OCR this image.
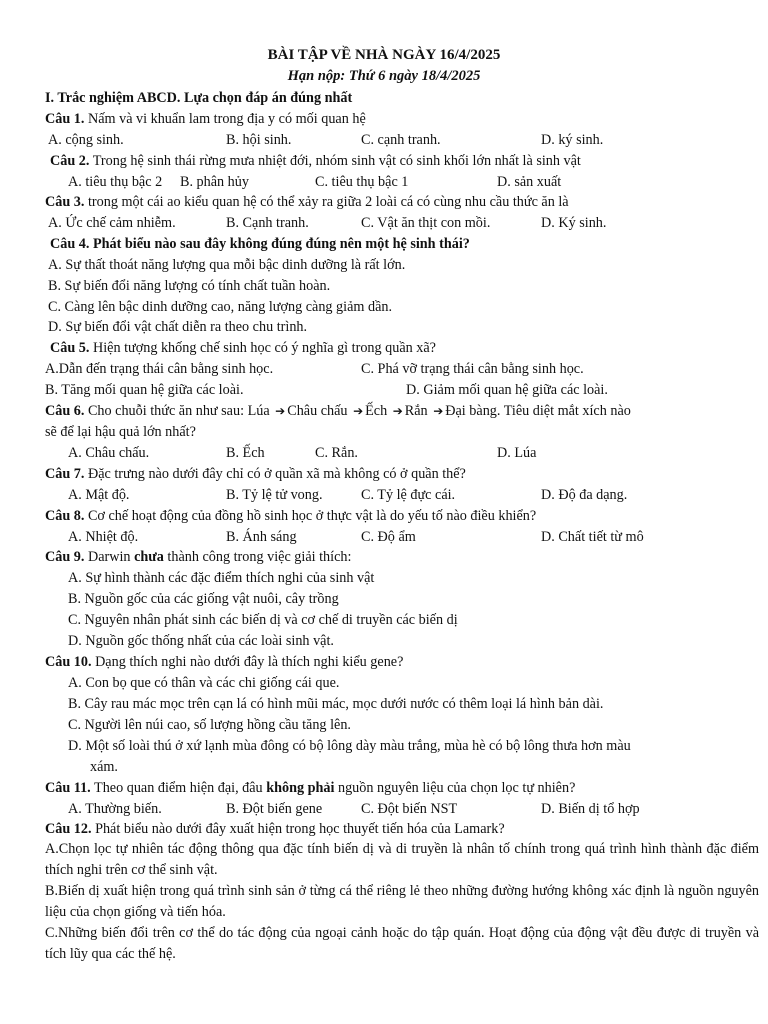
BÀI TẬP VỀ NHÀ NGÀY 16/4/2025
Hạn nộp: Thứ 6 ngày 18/4/2025
I. Trắc nghiệm ABCD. Lựa chọn đáp án đúng nhất
Câu 1. Nấm và vi khuẩn lam trong địa y có mối quan hệ
A. cộng sinh.	B. hội sinh.	C. cạnh tranh.	D. ký sinh.
Câu 2. Trong hệ sinh thái rừng mưa nhiệt đới, nhóm sinh vật có sinh khối lớn nhất là sinh vật
A. tiêu thụ bậc 2 B. phân hủy	C. tiêu thụ bậc 1	D. sản xuất
Câu 3. trong một cái ao kiểu quan hệ có thể xảy ra giữa 2 loài cá có cùng nhu cầu thức ăn là
A. Ức chế cảm nhiễm.	B. Cạnh tranh.	C. Vật ăn thịt con mồi.	D. Ký sinh.
Câu 4. Phát biểu nào sau đây không đúng đúng nên một hệ sinh thái?
A. Sự thất thoát năng lượng qua mỗi bậc dinh dưỡng là rất lớn.
B. Sự biến đổi năng lượng có tính chất tuần hoàn.
C. Càng lên bậc dinh dưỡng cao, năng lượng càng giảm dần.
D. Sự biến đổi vật chất diễn ra theo chu trình.
Câu 5. Hiện tượng khống chế sinh học có ý nghĩa gì trong quần xã?
A.Dẫn đến trạng thái cân bằng sinh học.	C. Phá vỡ trạng thái cân bằng sinh học.
B. Tăng mối quan hệ giữa các loài.	D. Giảm mối quan hệ giữa các loài.
Câu 6. Cho chuỗi thức ăn như sau: Lúa ➔ Châu chấu ➔ Ếch ➔ Rắn ➔ Đại bàng. Tiêu diệt mắt xích nào
sẽ để lại hậu quả lớn nhất?
A. Châu chấu.	B. Ếch	C. Rắn.	D. Lúa
Câu 7. Đặc trưng nào dưới đây chỉ có ở quần xã mà không có ở quần thể?
A. Mật độ.	B. Tỷ lệ tử vong.	C. Tỷ lệ đực cái.	D. Độ đa dạng.
Câu 8. Cơ chế hoạt động của đồng hồ sinh học ở thực vật là do yếu tố nào điều khiển?
A. Nhiệt độ.	B. Ánh sáng	C. Độ ẩm	D. Chất tiết từ mô
Câu 9. Darwin chưa thành công trong việc giải thích:
A. Sự hình thành các đặc điểm thích nghi của sinh vật
B. Nguồn gốc của các giống vật nuôi, cây trồng
C. Nguyên nhân phát sinh các biến dị và cơ chế di truyền các biến dị
D. Nguồn gốc thống nhất của các loài sinh vật.
Câu 10. Dạng thích nghi nào dưới đây là thích nghi kiểu gene?
A. Con bọ que có thân và các chi giống cái que.
B. Cây rau mác mọc trên cạn lá có hình mũi mác, mọc dưới nước có thêm loại lá hình bản dài.
C. Người lên núi cao, số lượng hồng cầu tăng lên.
D. Một số loài thú ở xứ lạnh mùa đông có bộ lông dày màu trắng, mùa hè có bộ lông thưa hơn màu
xám.
Câu 11. Theo quan điểm hiện đại, đâu không phải nguồn nguyên liệu của chọn lọc tự nhiên?
A. Thường biến.	B. Đột biến gene	C. Đột biến NST	D. Biến dị tổ hợp
Câu 12. Phát biểu nào dưới đây xuất hiện trong học thuyết tiến hóa của Lamark?
A.Chọn lọc tự nhiên tác động thông qua đặc tính biến dị và di truyền là nhân tố chính trong quá trình hình thành đặc điểm thích nghi trên cơ thể sinh vật.
B.Biến dị xuất hiện trong quá trình sinh sản ở từng cá thể riêng lẻ theo những đường hướng không xác định là nguồn nguyên liệu của chọn giống và tiến hóa.
C.Những biến đổi trên cơ thể do tác động của ngoại cảnh hoặc do tập quán. Hoạt động của động vật đều được di truyền và tích lũy qua các thế hệ.
